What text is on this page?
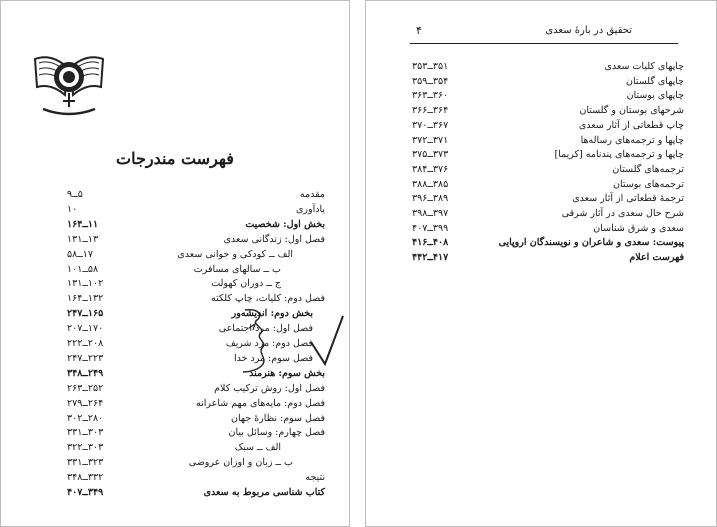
فهرست مندرجات
مقدمه
۵ــ۹
یادآوری
۱۰
بخش اول: شخصیت
۱۱ــ۱۶۴
فصل اول: زندگانی سعدی
۱۳ــ۱۳۱
الف ــ کودکی و جوانی سعدی
۱۷ــ۵۸
ب ــ سالهای مسافرت
۵۸ــ۱۰۱
ج ــ دوران کهولت
۱۰۲ــ۱۳۱
فصل دوم: کلیات، چاپ کلکته
۱۳۲ــ۱۶۴
بخش دوم: اندیشه‌ور
۱۶۵ــ۲۴۷
فصل اول: مرد اجتماعی
۱۷۰ــ۲۰۷
فصل دوم: مرد شریف
۲۰۸ــ۲۲۲
فصل سوم: مرد خدا
۲۲۳ــ۲۴۷
بخش سوم: هنرمند
۲۴۹ــ۳۴۸
فصل اول: روش ترکیب کلام
۲۵۲ــ۲۶۳
فصل دوم: مایه‌های مهم شاعرانه
۲۶۴ــ۲۷۹
فصل سوم: نظارهٔ جهان
۲۸۰ــ۳۰۲
فصل چهارم: وسائل بیان
۳۰۳ــ۳۳۱
الف ــ سبک
۳۰۳ــ۳۲۲
ب ــ زبان و اوزان عروضی
۳۲۳ــ۳۳۱
نتیجه
۳۳۲ــ۳۴۸
کتاب شناسی مربوط به سعدی
۳۴۹ــ۴۰۷
تحقیق در بارهٔ سعدی
۴
چاپهای کلیات سعدی
۳۵۱ــ۳۵۳
چاپهای گلستان
۳۵۴ــ۳۵۹
چاپهای بوستان
۳۶۰ــ۳۶۳
شرحهای بوستان و گلستان
۳۶۴ــ۳۶۶
چاپ قطعاتی از آثار سعدی
۳۶۷ــ۳۷۰
چاپها و ترجمه‌های رساله‌ها
۳۷۱ــ۳۷۲
چاپها و ترجمه‌های پندنامه [کریما]
۳۷۳ــ۳۷۵
ترجمه‌های گلستان
۳۷۶ــ۳۸۴
ترجمه‌های بوستان
۳۸۵ــ۳۸۸
ترجمهٔ قطعاتی از آثار سعدی
۳۸۹ــ۳۹۶
شرح حال سعدی در آثار شرقی
۳۹۷ــ۳۹۸
سعدی و شرق شناسان
۳۹۹ــ۴۰۷
پیوست: سعدی و شاعران و نویسندگان اروپایی
۴۰۸ــ۴۱۶
فهرست اعلام
۴۱۷ــ۴۴۲
